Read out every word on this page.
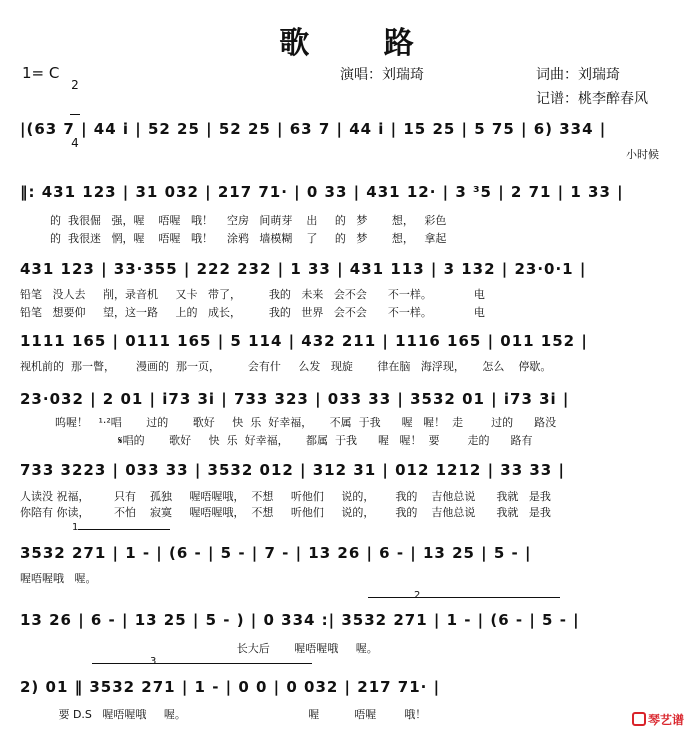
歌 路
1= C

2

4

演唱：刘瑞琦	词曲：刘瑞琦
记谱：桃李醉春风
|(63 7 | 44 i | 52 25 | 52 25 | 63 7 | 44 i | 15 25 | 5 75 | 6) 334 |
小时候
‖: 431 123 | 31 032 | 217 71· | 0 33 | 431 12· | 3 ³5 | 2 71 | 1 33 |
的  我很倔   强，喔    唔喔   哦！    空房   间萌芽    出     的   梦       想，   彩色
的  我很迷   惘，喔    唔喔   哦！    涂鸦   墙模糊    了     的   梦       想，   拿起
431 123 | 33·355 | 222 232 | 1 33 | 431 113 | 3 132 | 23·0·1 |
铅笔   没人去     削，录音机     又卡   带了，        我的   未来   会不会      不一样。            电
铅笔   想要仰     望，这一路     上的   成长，        我的   世界   会不会      不一样。            电
1111 165 | 0111 165 | 5 114 | 432 211 | 1116 165 | 011 152 |
视机前的  那一瞥，      漫画的  那一页，        会有什     么发   现旋       律在脑   海浮现，     怎么    停歇。
23·032 | 2 01 | i73 3i | 733 323 | 033 33 | 3532 01 | i73 3i |
呜喔！   ¹·²唱       过的       歌好     快  乐  好幸福，     不属  于我      喔   喔！  走        过的      路没
𝄋唱的       歌好     快  乐  好幸福，     都属  于我      喔   喔！  要        走的      路有
733 3223 | 033 33 | 3532 012 | 312 31 | 012 1212 | 33 33 |
人读没 祝福，       只有    孤独     喔唔喔哦，  不想     听他们     说的，      我的    吉他总说      我就   是我
你陪有 你读，       不怕    寂寞     喔唔喔哦，  不想     听他们     说的，      我的    吉他总说      我就   是我
1
3532 271 | 1 - | (6 - | 5 - | 7 - | 13 26 | 6 - | 13 25 | 5 - |
喔唔喔哦   喔。
2
13 26 | 6 - | 13 25 | 5 - ) | 0 334 :| 3532 271 | 1 - | (6 - | 5 - |
长大后       喔唔喔哦     喔。
3
2) 01 ‖ 3532 271 | 1 - | 0 0 | 0 032 | 217 71· |
要 D.S   喔唔喔哦     喔。                                   喔          唔喔        哦！	琴艺谱
